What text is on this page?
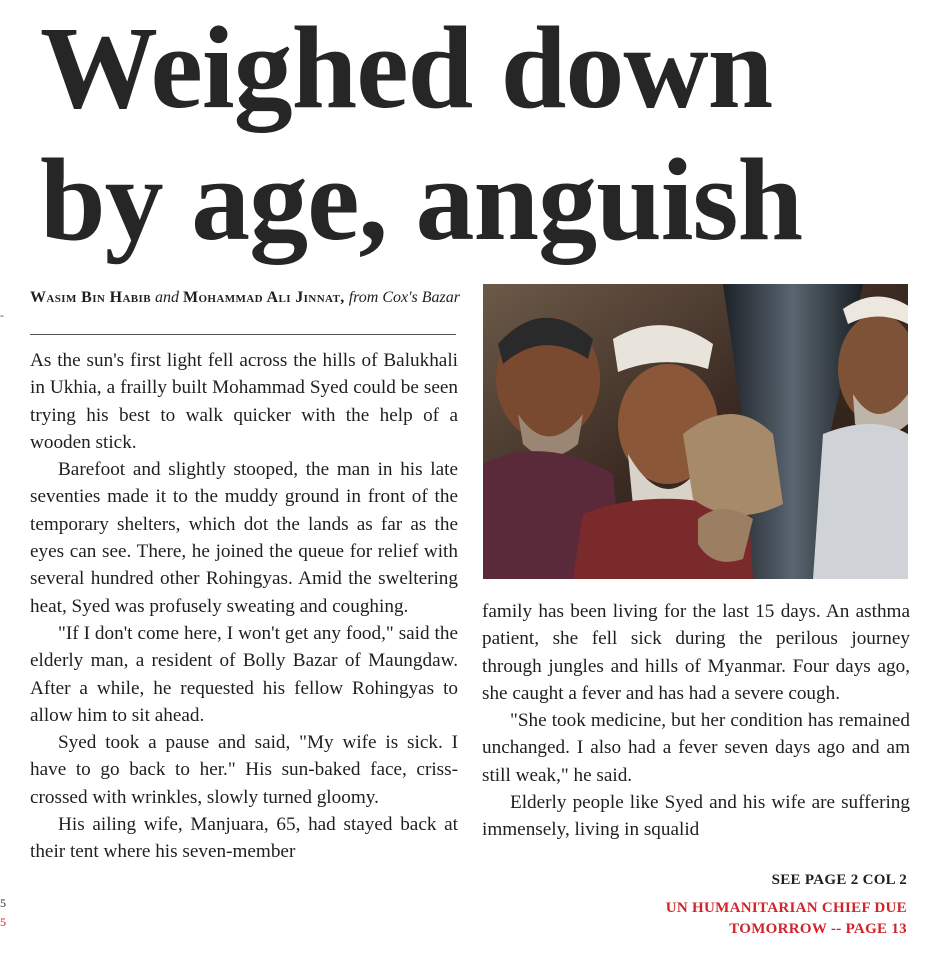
Weighed down
by age, anguish
-
Wasim Bin Habib and Mohammad Ali Jinnat, from Cox's Bazar

As the sun's first light fell across the hills of Balukhali in Ukhia, a frailly built Mohammad Syed could be seen trying his best to walk quicker with the help of a wooden stick.

Barefoot and slightly stooped, the man in his late seventies made it to the muddy ground in front of the temporary shelters, which dot the lands as far as the eyes can see. There, he joined the queue for relief with several hundred other Rohingyas. Amid the sweltering heat, Syed was profusely sweating and coughing.

"If I don't come here, I won't get any food," said the elderly man, a resident of Bolly Bazar of Maungdaw. After a while, he requested his fellow Rohingyas to allow him to sit ahead.

Syed took a pause and said, "My wife is sick. I have to go back to her." His sun-baked face, criss-crossed with wrinkles, slowly turned gloomy.

His ailing wife, Manjuara, 65, had stayed back at their tent where his seven-member

family has been living for the last 15 days. An asthma patient, she fell sick during the perilous journey through jungles and hills of Myanmar. Four days ago, she caught a fever and has had a severe cough.

"She took medicine, but her condition has remained unchanged. I also had a fever seven days ago and am still weak," he said.

Elderly people like Syed and his wife are suffering immensely, living in squalid

SEE PAGE 2 COL 2
UN HUMANITARIAN CHIEF DUE
TOMORROW -- PAGE 13
5
5
